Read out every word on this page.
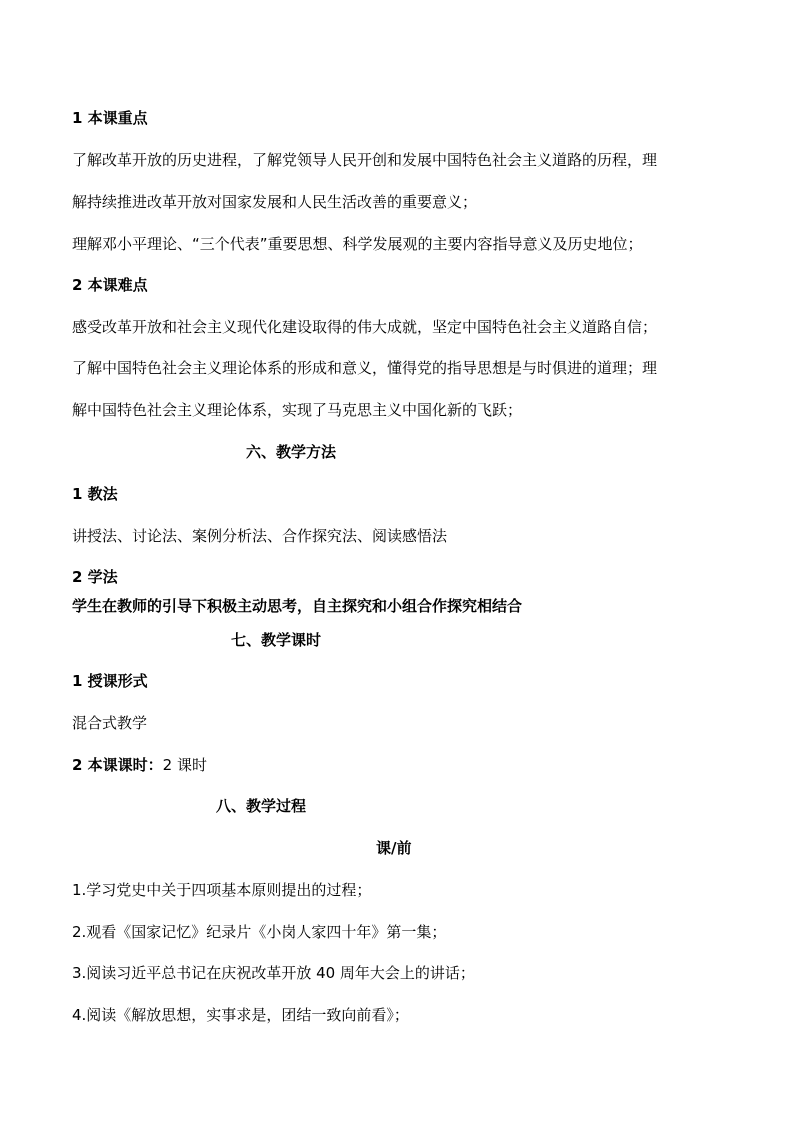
1 本课重点
了解改革开放的历史进程，了解党领导人民开创和发展中国特色社会主义道路的历程，理
解持续推进改革开放对国家发展和人民生活改善的重要意义；
理解邓小平理论、“三个代表”重要思想、科学发展观的主要内容指导意义及历史地位；
2 本课难点
感受改革开放和社会主义现代化建设取得的伟大成就，坚定中国特色社会主义道路自信；
了解中国特色社会主义理论体系的形成和意义，懂得党的指导思想是与时俱进的道理；理
解中国特色社会主义理论体系，实现了马克思主义中国化新的飞跃；
六、教学方法
1 教法
讲授法、讨论法、案例分析法、合作探究法、阅读感悟法
2 学法
学生在教师的引导下积极主动思考，自主探究和小组合作探究相结合
七、教学课时
1 授课形式
混合式教学
2 本课课时：2 课时
八、教学过程
课/前
1.学习党史中关于四项基本原则提出的过程；
2.观看《国家记忆》纪录片《小岗人家四十年》第一集；
3.阅读习近平总书记在庆祝改革开放 40 周年大会上的讲话；
4.阅读《解放思想，实事求是，团结一致向前看》；
